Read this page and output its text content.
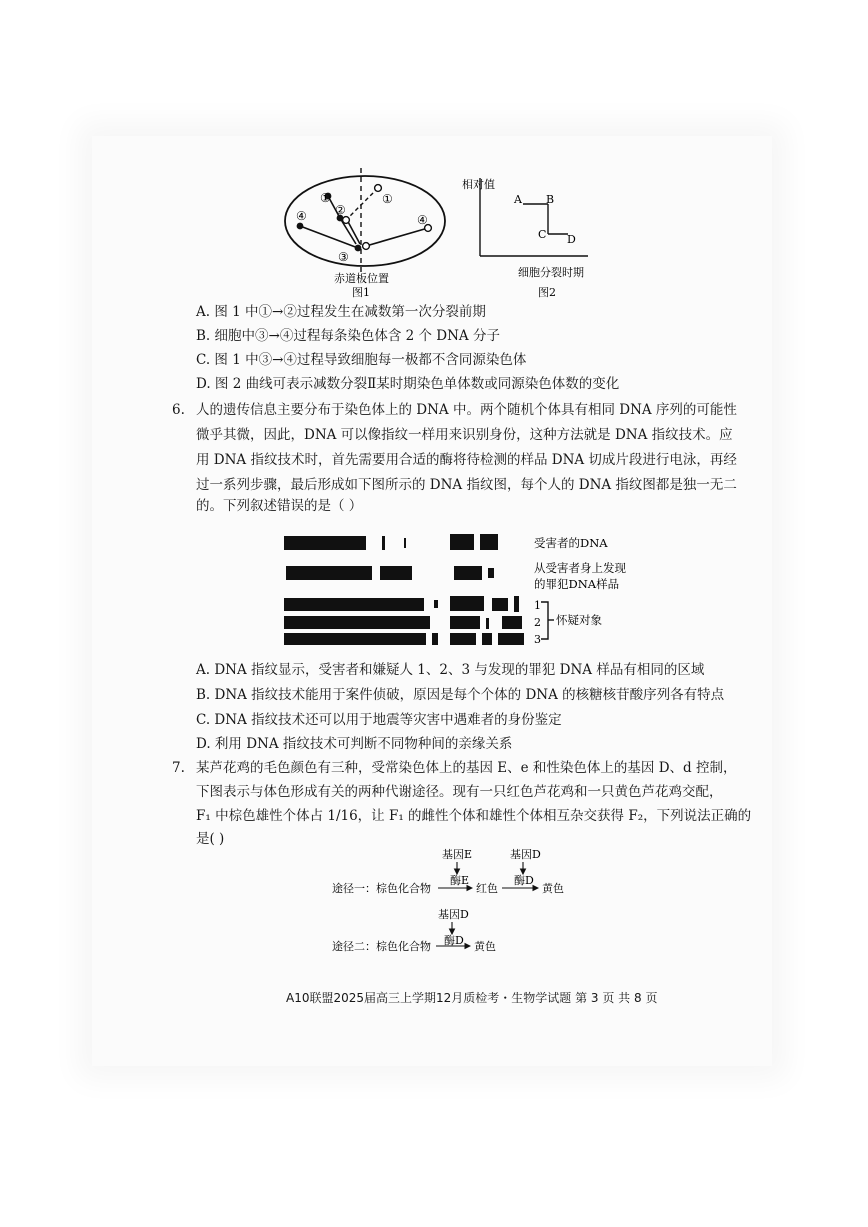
①
②
③
④
①
④
赤道板位置
图1
相对值
A B
C D
细胞分裂时期
图2
A. 图 1 中①→②过程发生在减数第一次分裂前期
B. 细胞中③→④过程每条染色体含 2 个 DNA 分子
C. 图 1 中③→④过程导致细胞每一极都不含同源染色体
D. 图 2 曲线可表示减数分裂Ⅱ某时期染色单体数或同源染色体数的变化
6. 人的遗传信息主要分布于染色体上的 DNA 中。两个随机个体具有相同 DNA 序列的可能性
微乎其微，因此，DNA 可以像指纹一样用来识别身份，这种方法就是 DNA 指纹技术。应
用 DNA 指纹技术时，首先需要用合适的酶将待检测的样品 DNA 切成片段进行电泳，再经
过一系列步骤，最后形成如下图所示的 DNA 指纹图，每个人的 DNA 指纹图都是独一无二
的。下列叙述错误的是（ ）
受害者的DNA
从受害者身上发现
的罪犯DNA样品
1
2
3
怀疑对象
A. DNA 指纹显示，受害者和嫌疑人 1、2、3 与发现的罪犯 DNA 样品有相同的区域
B. DNA 指纹技术能用于案件侦破，原因是每个个体的 DNA 的核糖核苷酸序列各有特点
C. DNA 指纹技术还可以用于地震等灾害中遇难者的身份鉴定
D. 利用 DNA 指纹技术可判断不同物种间的亲缘关系
7. 某芦花鸡的毛色颜色有三种，受常染色体上的基因 E、e 和性染色体上的基因 D、d 控制，
下图表示与体色形成有关的两种代谢途径。现有一只红色芦花鸡和一只黄色芦花鸡交配，
F₁ 中棕色雄性个体占 1/16，让 F₁ 的雌性个体和雄性个体相互杂交获得 F₂，下列说法正确的
是( )
基因E	基因D
酶E	酶D
途径一： 棕色化合物	红色	黄色
基因D
酶D
途径二： 棕色化合物	黄色
A10联盟2025届高三上学期12月质检考・生物学试题 第 3 页 共 8 页
